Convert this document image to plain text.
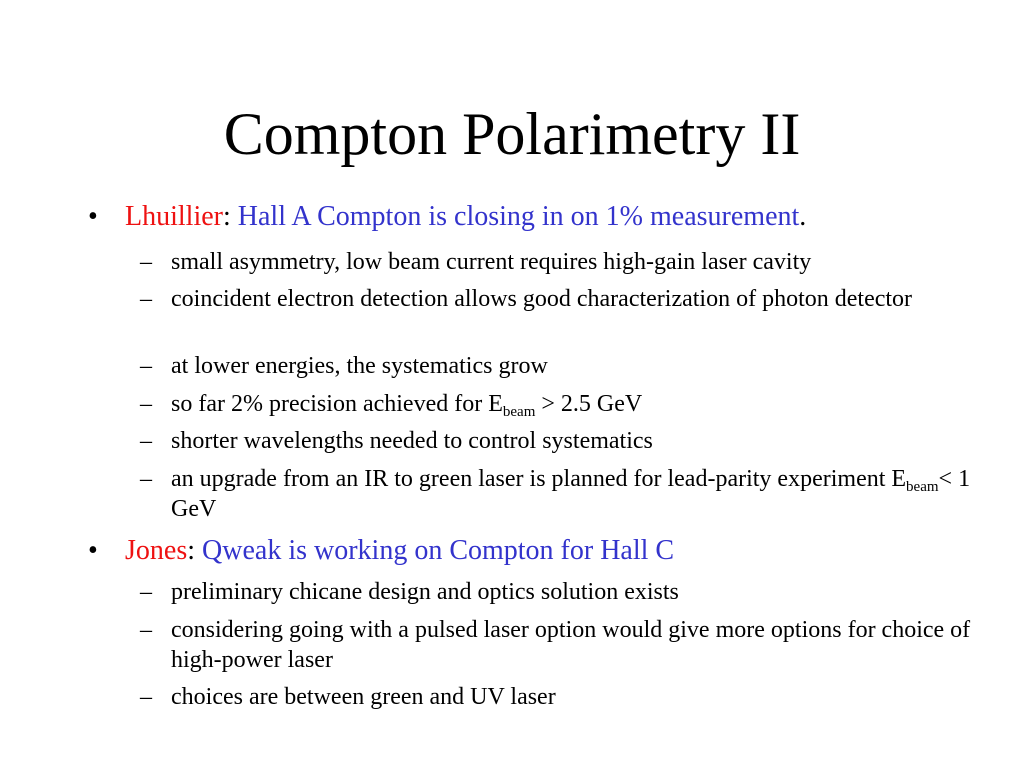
Compton Polarimetry II
• Lhuillier: Hall A Compton is closing in on 1% measurement.
– small asymmetry, low beam current requires high-gain laser cavity
– coincident electron detection allows good characterization of photon detector
– at lower energies, the systematics grow
– so far 2% precision achieved for $E_{beam} > 2.5$ GeV
– shorter wavelengths needed to control systematics
– an upgrade from an IR to green laser is planned for lead-parity experiment $E_{beam}< 1$ GeV
• Jones: Qweak is working on Compton for Hall C
– preliminary chicane design and optics solution exists
– considering going with a pulsed laser option would give more options for choice of high-power laser
– choices are between green and UV laser
